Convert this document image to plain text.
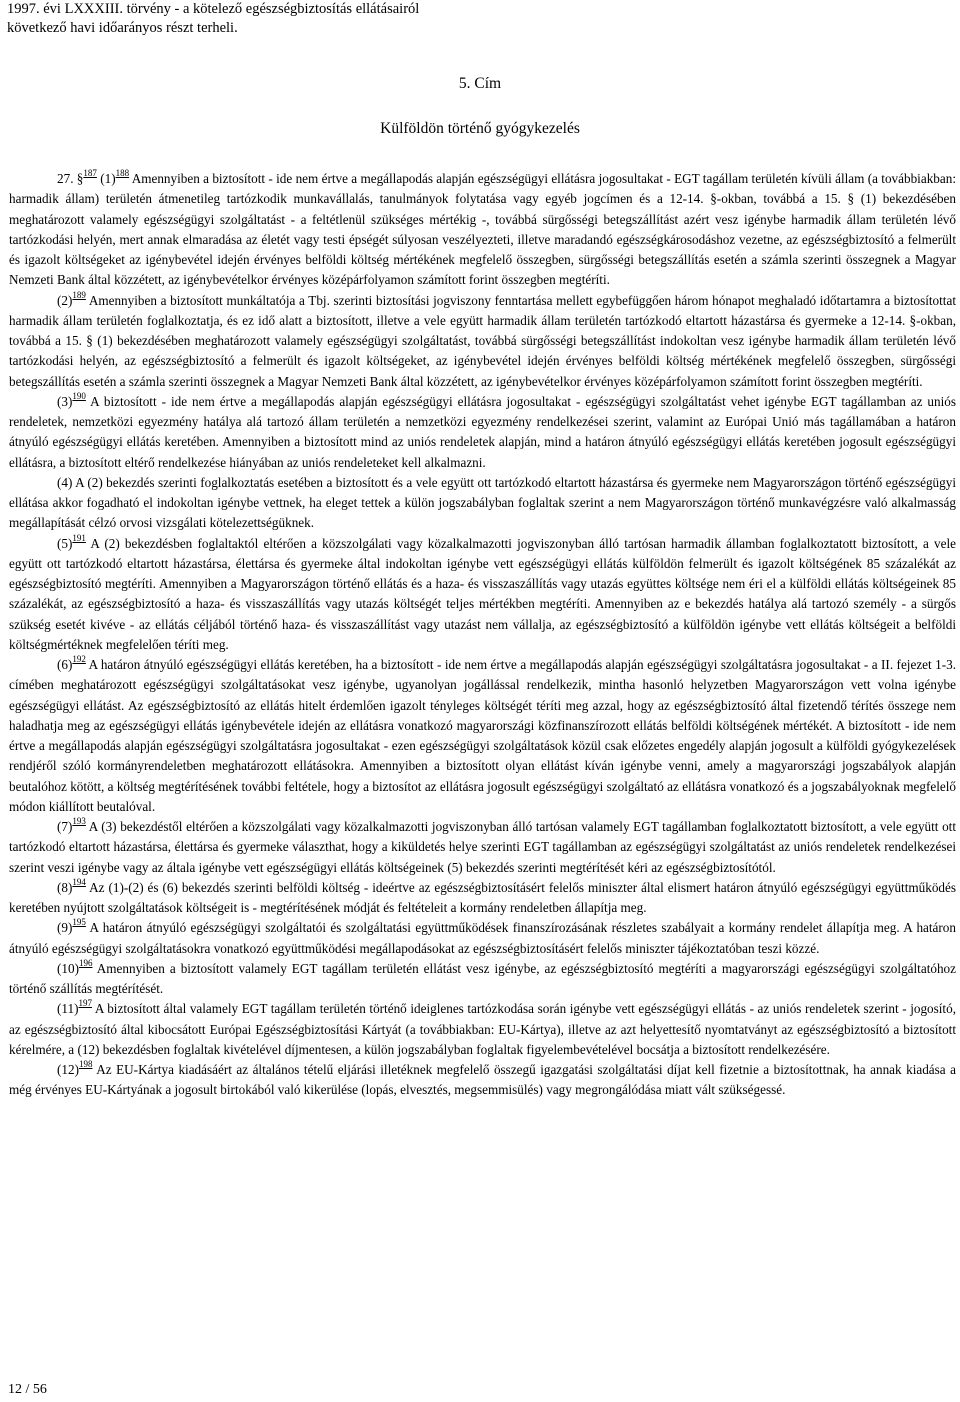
1997. évi LXXXIII. törvény - a kötelező egészségbiztosítás ellátásairól
következő havi időarányos részt terheli.
5. Cím
Külföldön történő gyógykezelés

27. §$^{187}$ $(1)^{188}$ Amennyiben a biztosított - ide nem értve a megállapodás alapján egészségügyi ellátásra jogosultakat - EGT tagállam területén kívüli állam (a továbbiakban: harmadik állam) területén átmenetileg tartózkodik munkavállalás, tanulmányok folytatása vagy egyéb jogcímen és a 12-14. §-okban, továbbá a 15. § (1) bekezdésében meghatározott valamely egészségügyi szolgáltatást - a feltétlenül szükséges mértékig -, továbbá sürgősségi betegszállítást azért vesz igénybe harmadik állam területén lévő tartózkodási helyén, mert annak elmaradása az életét vagy testi épségét súlyosan veszélyezteti, illetve maradandó egészségkárosodáshoz vezetne, az egészségbiztosító a felmerült és igazolt költségeket az igénybevétel idején érvényes belföldi költség mértékének megfelelő összegben, sürgősségi betegszállítás esetén a számla szerinti összegnek a Magyar Nemzeti Bank által közzétett, az igénybevételkor érvényes középárfolyamon számított forint összegben megtéríti.

$(2)^{189}$ Amennyiben a biztosított munkáltatója a Tbj. szerinti biztosítási jogviszony fenntartása mellett egybefüggően három hónapot meghaladó időtartamra a biztosítottat harmadik állam területén foglalkoztatja, és ez idő alatt a biztosított, illetve a vele együtt harmadik állam területén tartózkodó eltartott házastársa és gyermeke a 12-14. §-okban, továbbá a 15. § (1) bekezdésében meghatározott valamely egészségügyi szolgáltatást, továbbá sürgősségi betegszállítást indokoltan vesz igénybe harmadik állam területén lévő tartózkodási helyén, az egészségbiztosító a felmerült és igazolt költségeket, az igénybevétel idején érvényes belföldi költség mértékének megfelelő összegben, sürgősségi betegszállítás esetén a számla szerinti összegnek a Magyar Nemzeti Bank által közzétett, az igénybevételkor érvényes középárfolyamon számított forint összegben megtéríti.

$(3)^{190}$ A biztosított - ide nem értve a megállapodás alapján egészségügyi ellátásra jogosultakat - egészségügyi szolgáltatást vehet igénybe EGT tagállamban az uniós rendeletek, nemzetközi egyezmény hatálya alá tartozó állam területén a nemzetközi egyezmény rendelkezései szerint, valamint az Európai Unió más tagállamában a határon átnyúló egészségügyi ellátás keretében. Amennyiben a biztosított mind az uniós rendeletek alapján, mind a határon átnyúló egészségügyi ellátás keretében jogosult egészségügyi ellátásra, a biztosított eltérő rendelkezése hiányában az uniós rendeleteket kell alkalmazni.

(4) A (2) bekezdés szerinti foglalkoztatás esetében a biztosított és a vele együtt ott tartózkodó eltartott házastársa és gyermeke nem Magyarországon történő egészségügyi ellátása akkor fogadható el indokoltan igénybe vettnek, ha eleget tettek a külön jogszabályban foglaltak szerint a nem Magyarországon történő munkavégzésre való alkalmasság megállapítását célzó orvosi vizsgálati kötelezettségüknek.

$(5)^{191}$ A (2) bekezdésben foglaltaktól eltérően a közszolgálati vagy közalkalmazotti jogviszonyban álló tartósan harmadik államban foglalkoztatott biztosított, a vele együtt ott tartózkodó eltartott házastársa, élettársa és gyermeke által indokoltan igénybe vett egészségügyi ellátás külföldön felmerült és igazolt költségének 85 százalékát az egészségbiztosító megtéríti. Amennyiben a Magyarországon történő ellátás és a haza- és visszaszállítás vagy utazás együttes költsége nem éri el a külföldi ellátás költségeinek 85 százalékát, az egészségbiztosító a haza- és visszaszállítás vagy utazás költségét teljes mértékben megtéríti. Amennyiben az e bekezdés hatálya alá tartozó személy - a sürgős szükség esetét kivéve - az ellátás céljából történő haza- és visszaszállítást vagy utazást nem vállalja, az egészségbiztosító a külföldön igénybe vett ellátás költségeit a belföldi költségmértéknek megfelelően téríti meg.

$(6)^{192}$ A határon átnyúló egészségügyi ellátás keretében, ha a biztosított - ide nem értve a megállapodás alapján egészségügyi szolgáltatásra jogosultakat - a II. fejezet 1-3. címében meghatározott egészségügyi szolgáltatásokat vesz igénybe, ugyanolyan jogállással rendelkezik, mintha hasonló helyzetben Magyarországon vett volna igénybe egészségügyi ellátást. Az egészségbiztosító az ellátás hitelt érdemlően igazolt tényleges költségét téríti meg azzal, hogy az egészségbiztosító által fizetendő térítés összege nem haladhatja meg az egészségügyi ellátás igénybevétele idején az ellátásra vonatkozó magyarországi közfinanszírozott ellátás belföldi költségének mértékét. A biztosított - ide nem értve a megállapodás alapján egészségügyi szolgáltatásra jogosultakat - ezen egészségügyi szolgáltatások közül csak előzetes engedély alapján jogosult a külföldi gyógykezelések rendjéről szóló kormányrendeletben meghatározott ellátásokra. Amennyiben a biztosított olyan ellátást kíván igénybe venni, amely a magyarországi jogszabályok alapján beutalóhoz kötött, a költség megtérítésének további feltétele, hogy a biztosítot az ellátásra jogosult egészségügyi szolgáltató az ellátásra vonatkozó és a jogszabályoknak megfelelő módon kiállított beutalóval.

$(7)^{193}$ A (3) bekezdéstől eltérően a közszolgálati vagy közalkalmazotti jogviszonyban álló tartósan valamely EGT tagállamban foglalkoztatott biztosított, a vele együtt ott tartózkodó eltartott házastársa, élettársa és gyermeke választhat, hogy a kiküldetés helye szerinti EGT tagállamban az egészségügyi szolgáltatást az uniós rendeletek rendelkezései szerint veszi igénybe vagy az általa igénybe vett egészségügyi ellátás költségeinek (5) bekezdés szerinti megtérítését kéri az egészségbiztosítótól.

$(8)^{194}$ Az (1)-(2) és (6) bekezdés szerinti belföldi költség - ideértve az egészségbiztosításért felelős miniszter által elismert határon átnyúló egészségügyi együttműködés keretében nyújtott szolgáltatások költségeit is - megtérítésének módját és feltételeit a kormány rendeletben állapítja meg.

$(9)^{195}$ A határon átnyúló egészségügyi szolgáltatói és szolgáltatási együttműködések finanszírozásának részletes szabályait a kormány rendelet állapítja meg. A határon átnyúló egészségügyi szolgáltatásokra vonatkozó együttműködési megállapodásokat az egészségbiztosításért felelős miniszter tájékoztatóban teszi közzé.

$(10)^{196}$ Amennyiben a biztosított valamely EGT tagállam területén ellátást vesz igénybe, az egészségbiztosító megtéríti a magyarországi egészségügyi szolgáltatóhoz történő szállítás megtérítését.

$(11)^{197}$ A biztosított által valamely EGT tagállam területén történő ideiglenes tartózkodása során igénybe vett egészségügyi ellátás - az uniós rendeletek szerint - jogosító, az egészségbiztosító által kibocsátott Európai Egészségbiztosítási Kártyát (a továbbiakban: EU-Kártya), illetve az azt helyettesítő nyomtatványt az egészségbiztosító a biztosított kérelmére, a (12) bekezdésben foglaltak kivételével díjmentesen, a külön jogszabályban foglaltak figyelembevételével bocsátja a biztosított rendelkezésére.

$(12)^{198}$ Az EU-Kártya kiadásáért az általános tételű eljárási illetéknek megfelelő összegű igazgatási szolgáltatási díjat kell fizetnie a biztosítottnak, ha annak kiadása a még érvényes EU-Kártyának a jogosult birtokából való kikerülése (lopás, elvesztés, megsemmisülés) vagy megrongálódása miatt vált szükségessé.

12 / 56
